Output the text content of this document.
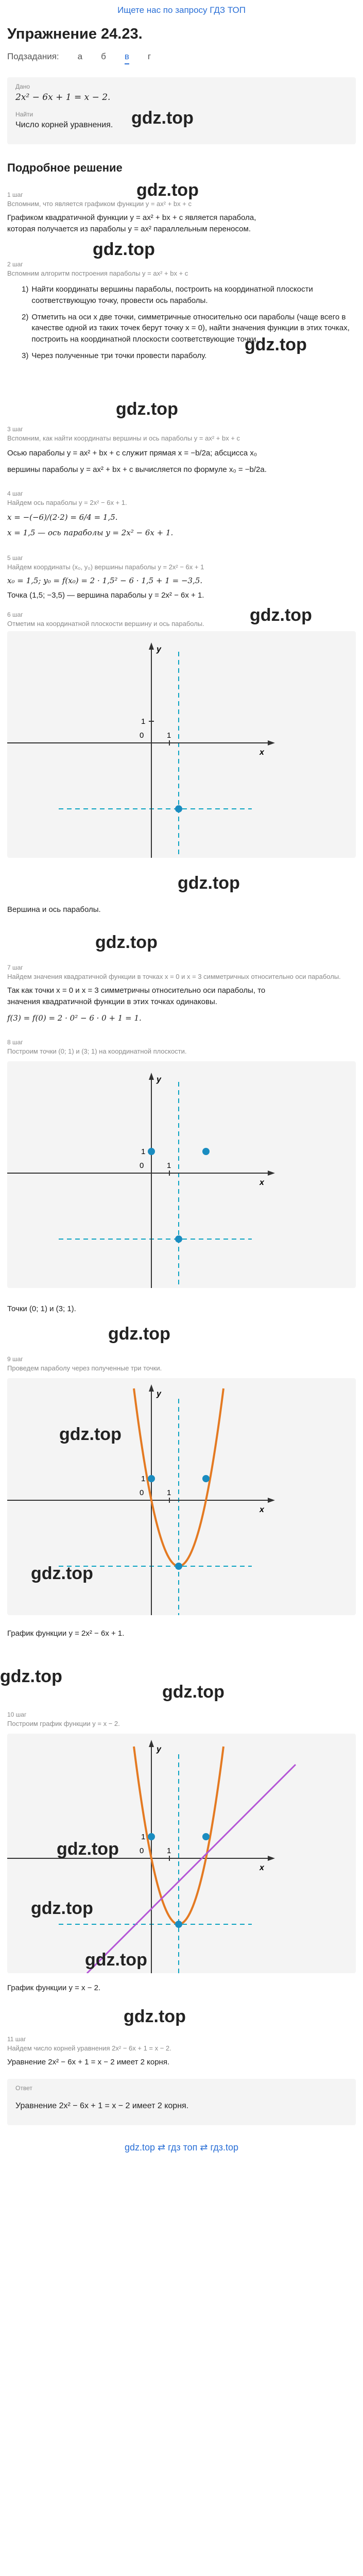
Ищете нас по запросу ГДЗ ТОП
Упражнение 24.23.
Подзадания: а б в г
Дано
2x² − 6x + 1 = x − 2.
Найти
Число корней уравнения.	gdz.top
Подробное решение
gdz.top
1 шаг
Вспомним, что является графиком функции y = ax² + bx + c
Графиком квадратичной функции y = ax² + bx + c является парабола,
которая получается из параболы y = ax² параллельным переносом.
gdz.top
2 шаг
Вспомним алгоритм построения параболы y = ax² + bx + c
1) Найти координаты вершины параболы, построить на координатной плоскости соответствующую точку, провести ось параболы.
2) Отметить на оси x две точки, симметричные относительно оси параболы (чаще всего в качестве одной из таких точек берут точку x = 0), найти значения функции в этих точках, построить на координатной плоскости соответствующие точки.
3) Через полученные три точки провести параболу.
gdz.top
gdz.top
3 шаг
Вспомним, как найти координаты вершины и ось параболы y = ax² + bx + c
Осью параболы y = ax² + bx + c служит прямая x = −b/2a; абсцисса x₀
вершины параболы y = ax² + bx + c вычисляется по формуле x₀ = −b/2a.
4 шаг
Найдем ось параболы y = 2x² − 6x + 1.
x = −(−6)/(2·2) = 6/4 = 1,5.
x = 1,5 — ось параболы y = 2x² − 6x + 1.
5 шаг
Найдем координаты (x₀, y₀) вершины параболы y = 2x² − 6x + 1
x₀ = 1,5; y₀ = f(x₀) = 2 · 1,5² − 6 · 1,5 + 1 = −3,5.
Точка (1,5; −3,5) — вершина параболы y = 2x² − 6x + 1.
6 шаг
Отметим на координатной плоскости вершину и ось параболы.	gdz.top
0
1
1
y
x
gdz.top
Вершина и ось параболы.
gdz.top
7 шаг
Найдем значения квадратичной функции в точках x = 0 и x = 3 симметричных относительно оси параболы.
Так как точки x = 0 и x = 3 симметричны относительно оси параболы, то
значения квадратичной функции в этих точках одинаковы.
f(3) = f(0) = 2 · 0² − 6 · 0 + 1 = 1.
8 шаг
Построим точки (0; 1) и (3; 1) на координатной плоскости.
0
1
1
y
x
Точки (0; 1) и (3; 1).
gdz.top
9 шаг
Проведем параболу через полученные три точки.
0
1
1
y
x
gdz.top
gdz.top
График функции y = 2x² − 6x + 1.
gdz.top
gdz.top
10 шаг
Построим график функции y = x − 2.
0
1
1
y
x
gdz.top
gdz.top
gdz.top
График функции y = x − 2.
gdz.top
11 шаг
Найдем число корней уравнения 2x² − 6x + 1 = x − 2.
Уравнение 2x² − 6x + 1 = x − 2 имеет 2 корня.
Ответ
Уравнение 2x² − 6x + 1 = x − 2 имеет 2 корня.
gdz.top ⇄ гдз топ ⇄ гдз.top
